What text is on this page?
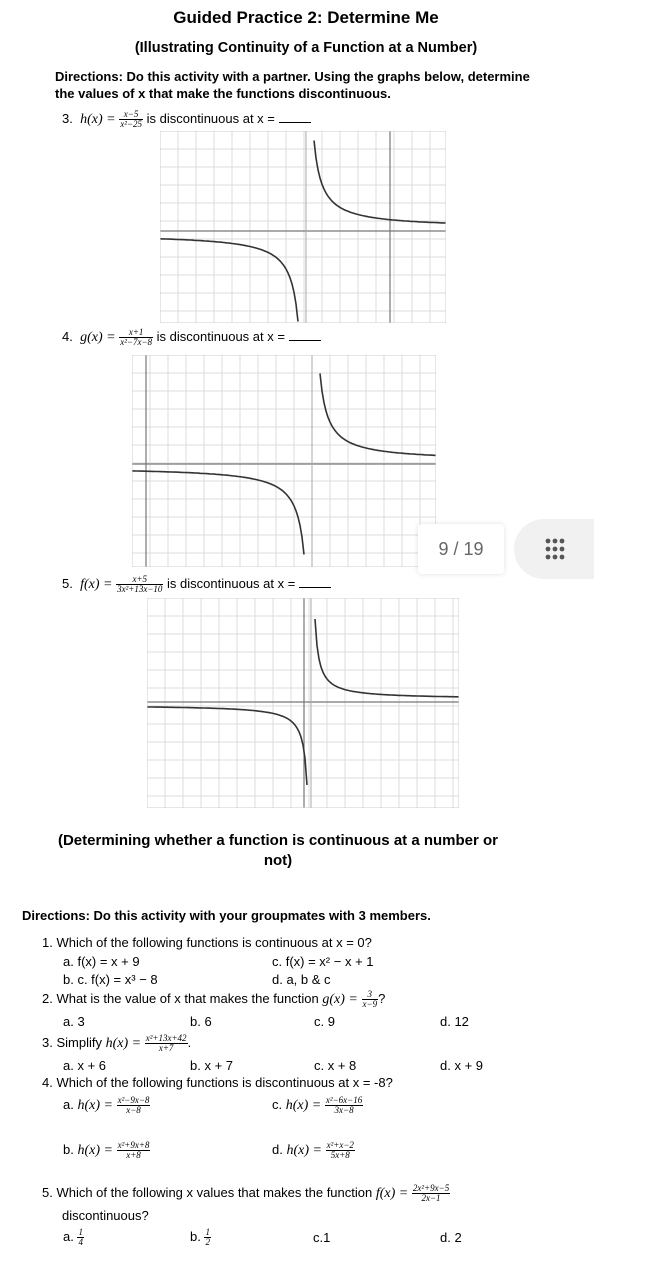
Guided Practice 2: Determine Me
(Illustrating Continuity of a Function at a Number)
Directions: Do this activity with a partner. Using the graphs below, determine
the values of x that make the functions discontinuous.
3. $h(x) = \frac{x-5}{\text{x²−25}}$ is discontinuous at x =
4. $g(x) = \frac{x+1}{\text{x²−7x−8}}$ is discontinuous at x =
9 / 19
5. $f(x) = \frac{x+5}{\text{3x²+13x−10}}$ is discontinuous at x =
(Determining whether a function is continuous at a number or
not)
Directions: Do this activity with your groupmates with 3 members.
1. Which of the following functions is continuous at x = 0?
a. f(x) = x + 9	c. f(x) = x² − x + 1
b. c. f(x) = x³ − 8	d. a, b & c
2. What is the value of x that makes the function $g(x) = \frac{3}{x-9}$ ?
a. 3	b. 6	c. 9	d. 12
3. Simplify $h(x) = \frac{\text{x²+13x+42}}{x+7}$ .
a. x + 6	b. x + 7	c. x + 8	d. x + 9
4. Which of the following functions is discontinuous at x = -8?
a. $h(x) = \frac{\text{x²−9x−8}}{x-8}$	c. $h(x) = \frac{\text{x²−6x−16}}{3x-8}$
b. $h(x) = \frac{\text{x²+9x+8}}{x+8}$	d. $h(x) = \frac{\text{x²+x−2}}{5x+8}$
5. Which of the following x values that makes the function $f(x) = \frac{\text{2x²+9x−5}}{2x-1}$
discontinuous?
a. $\frac{1}{4}$	b. $\frac{1}{2}$	c.1	d. 2
